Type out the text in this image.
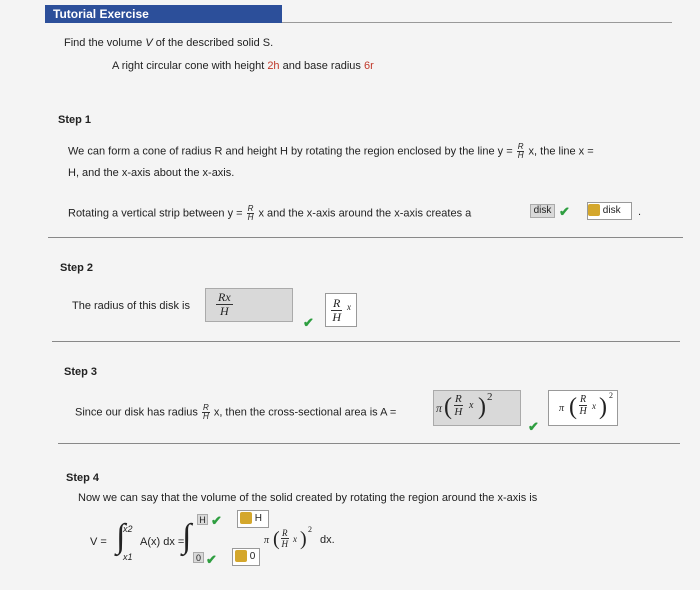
Tutorial Exercise
Find the volume V of the described solid S.
A right circular cone with height 2h and base radius 6r
Step 1
We can form a cone of radius R and height H by rotating the region enclosed by the line $y = \frac{R}{H} x$, the line x =
H, and the x-axis about the x-axis.
Rotating a vertical strip between $y = \frac{R}{H}$ x and the x-axis around the x-axis creates a	disk ✔	disk	.
Step 2
The radius of this disk is
Rx
H
✔
R
H
x
Step 3
Since our disk has radius $\frac{R}{H} x$, then the cross-sectional area is A =	π ( R
H
x ) 2
✔
π ( R
H x ) 2
Step 4
Now we can say that the volume of the solid created by rotating the region around the x-axis is
V = ∫
x2
x1
A(x) dx =
∫ H ✔	H
0 ✔	0
π ( R
H x ) 2
dx.
